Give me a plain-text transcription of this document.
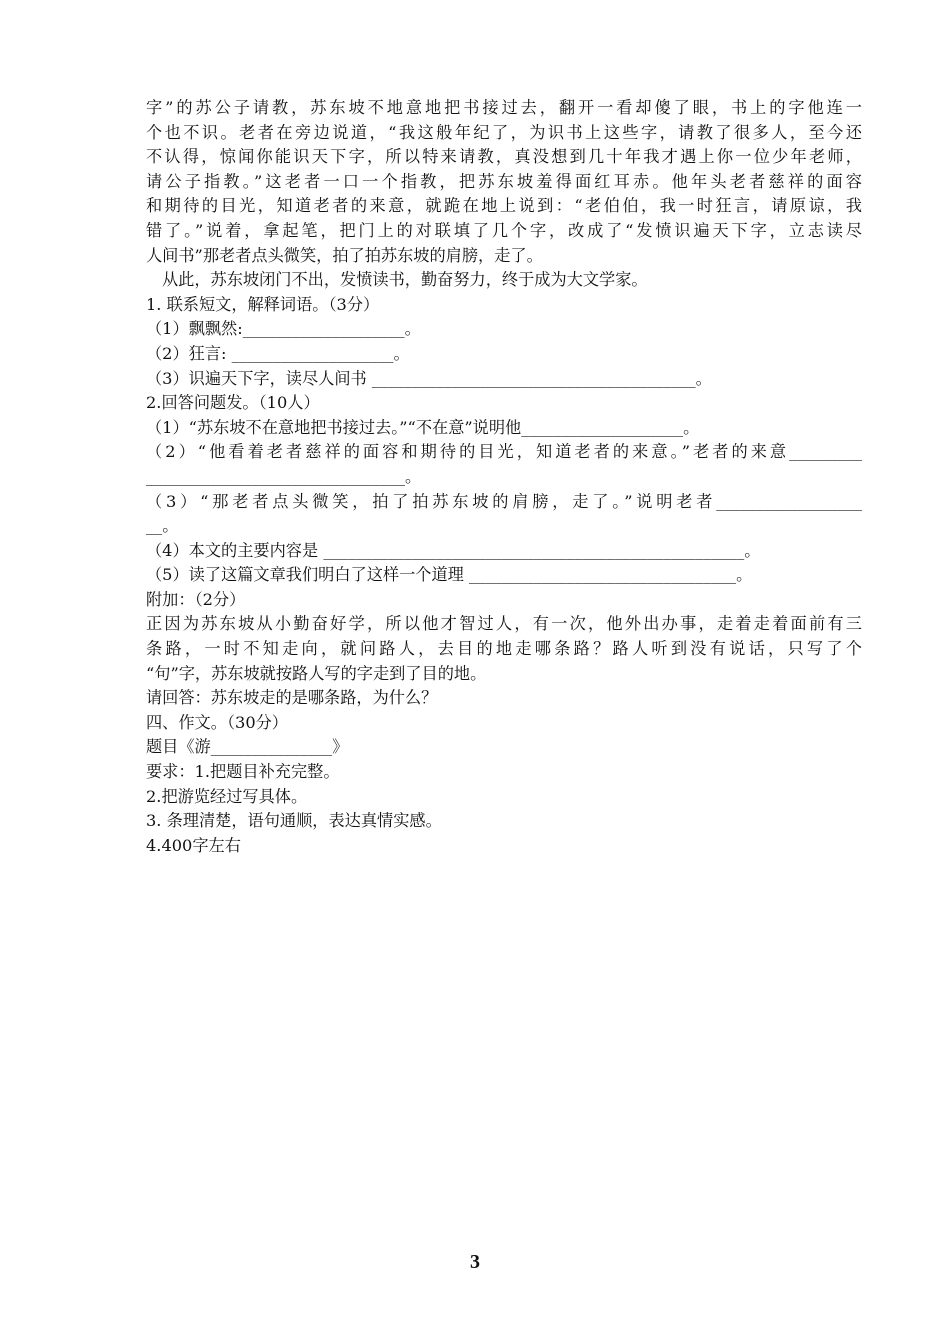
字”的苏公子请教，苏东坡不地意地把书接过去，翻开一看却傻了眼，书上的字他连一
个也不识。老者在旁边说道，“我这般年纪了，为识书上这些字，请教了很多人，至今还
不认得，惊闻你能识天下字，所以特来请教，真没想到几十年我才遇上你一位少年老师，
请公子指教。”这老者一口一个指教，把苏东坡羞得面红耳赤。他年头老者慈祥的面容
和期待的目光，知道老者的来意，就跪在地上说到：“老伯伯，我一时狂言，请原谅，我
错了。”说着，拿起笔，把门上的对联填了几个字，改成了“发愤识遍天下字，立志读尽
人间书”那老者点头微笑，拍了拍苏东坡的肩膀，走了。
从此，苏东坡闭门不出，发愤读书，勤奋努力，终于成为大文学家。
1. 联系短文，解释词语。（3分）
（1）飘飘然:____________________。
（2）狂言: ____________________。
（3）识遍天下字，读尽人间书 ________________________________________。
2.回答问题发。（10人）
（1）“苏东坡不在意地把书接过去。”“不在意”说明他____________________。
（2）“他看着老者慈祥的面容和期待的目光，知道老者的来意。”老者的来意_________
________________________________。
（3）“那老者点头微笑，拍了拍苏东坡的肩膀，走了。”说明老者__________________
__。
（4）本文的主要内容是 ____________________________________________________。
（5）读了这篇文章我们明白了这样一个道理 _________________________________。
附加：（2分）
正因为苏东坡从小勤奋好学，所以他才智过人，有一次，他外出办事，走着走着面前有三
条路，一时不知走向，就问路人，去目的地走哪条路？路人听到没有说话，只写了个
“句”字，苏东坡就按路人写的字走到了目的地。
请回答：苏东坡走的是哪条路，为什么？
四、作文。（30分）
题目《游_______________》
要求：1.把题目补充完整。
2.把游览经过写具体。
3. 条理清楚，语句通顺，表达真情实感。
4.400字左右
3
